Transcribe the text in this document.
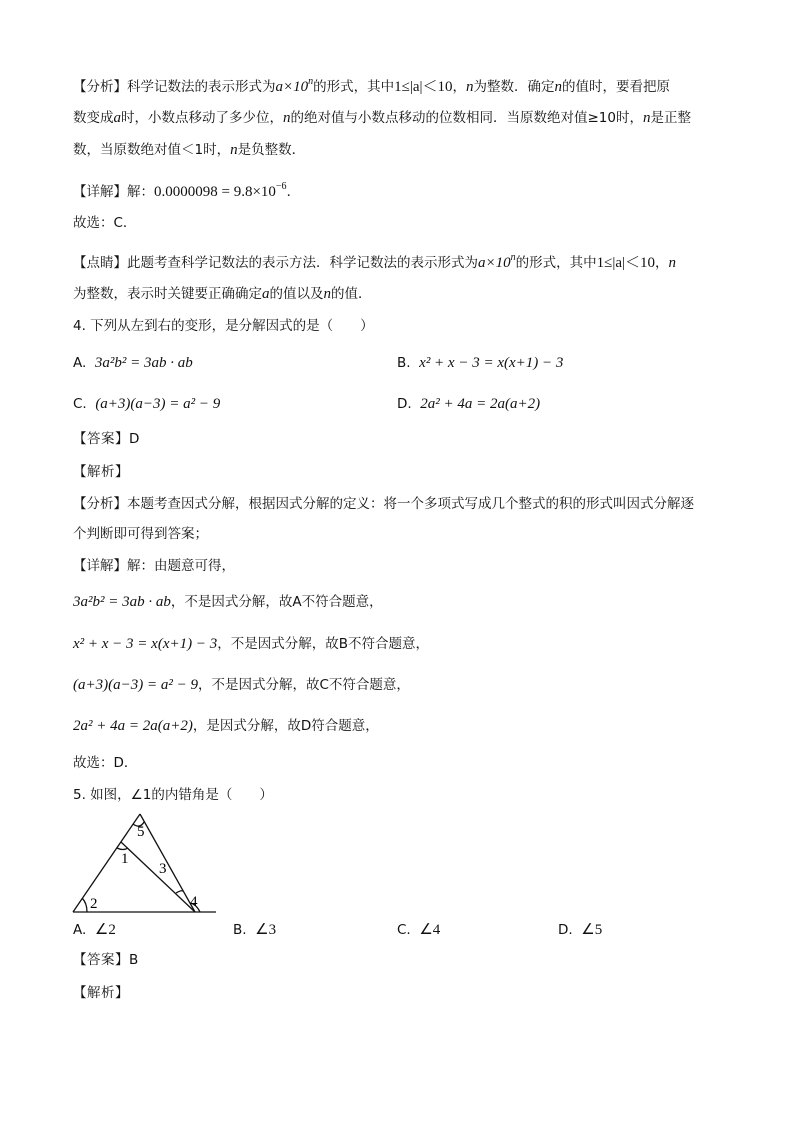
【分析】科学记数法的表示形式为$a\times 10^n$的形式，其中1≤|a|＜10，n为整数．确定n的值时，要看把原
数变成a时，小数点移动了多少位，n的绝对值与小数点移动的位数相同．当原数绝对值≥10时，n是正整
数，当原数绝对值＜1时，n是负整数．
【详解】解：$0.0000098 = 9.8\times 10^{-6}$．
故选：C．
【点睛】此题考查科学记数法的表示方法．科学记数法的表示形式为$a\times 10^n$的形式，其中1≤|a|＜10，n
为整数，表示时关键要正确确定a的值以及n的值．
4. 下列从左到右的变形，是分解因式的是（　　）
A. 3a²b² = 3ab · ab	B. x² + x − 3 = x(x+1) − 3
C. (a+3)(a−3) = a² − 9	D. 2a² + 4a = 2a(a+2)
【答案】D
【解析】
【分析】本题考查因式分解，根据因式分解的定义：将一个多项式写成几个整式的积的形式叫因式分解逐
个判断即可得到答案；
【详解】解：由题意可得，
3a²b² = 3ab · ab，不是因式分解，故A不符合题意，
x² + x − 3 = x(x+1) − 3，不是因式分解，故B不符合题意，
(a+3)(a−3) = a² − 9，不是因式分解，故C不符合题意，
2a² + 4a = 2a(a+2)，是因式分解，故D符合题意，
故选：D．
5. 如图，∠1的内错角是（　　）
5
1
3
2	4
A. ∠2	B. ∠3	C. ∠4	D. ∠5
【答案】B
【解析】
